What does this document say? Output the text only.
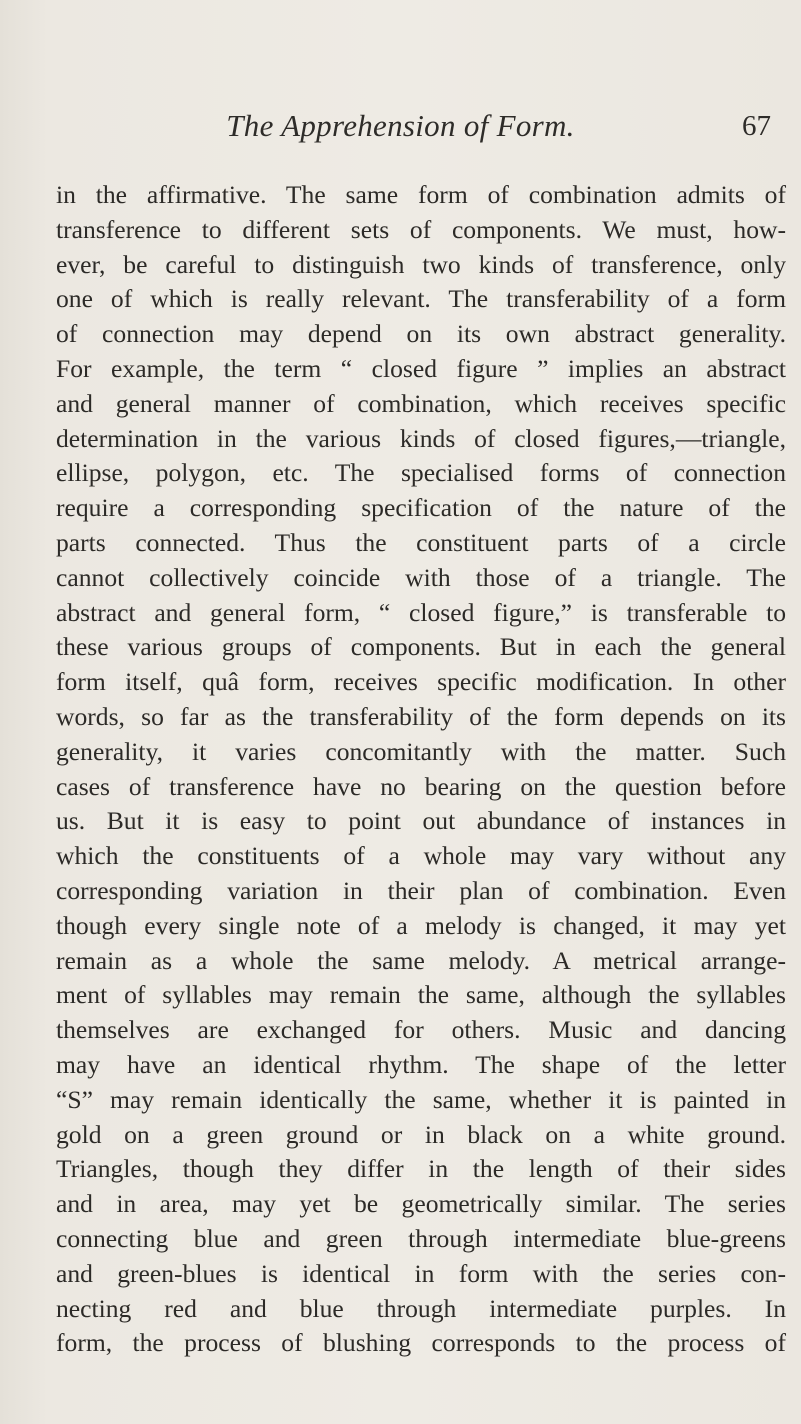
The Apprehension of Form.	67
in the affirmative. The same form of combination admits of
transference to different sets of components. We must, how-
ever, be careful to distinguish two kinds of transference, only
one of which is really relevant. The transferability of a form
of connection may depend on its own abstract generality.
For example, the term “ closed figure ” implies an abstract
and general manner of combination, which receives specific
determination in the various kinds of closed figures,—triangle,
ellipse, polygon, etc. The specialised forms of connection
require a corresponding specification of the nature of the
parts connected. Thus the constituent parts of a circle
cannot collectively coincide with those of a triangle. The
abstract and general form, “ closed figure,” is transferable to
these various groups of components. But in each the general
form itself, quâ form, receives specific modification. In other
words, so far as the transferability of the form depends on its
generality, it varies concomitantly with the matter. Such
cases of transference have no bearing on the question before
us. But it is easy to point out abundance of instances in
which the constituents of a whole may vary without any
corresponding variation in their plan of combination. Even
though every single note of a melody is changed, it may yet
remain as a whole the same melody. A metrical arrange-
ment of syllables may remain the same, although the syllables
themselves are exchanged for others. Music and dancing
may have an identical rhythm. The shape of the letter
“S” may remain identically the same, whether it is painted in
gold on a green ground or in black on a white ground.
Triangles, though they differ in the length of their sides
and in area, may yet be geometrically similar. The series
connecting blue and green through intermediate blue-greens
and green-blues is identical in form with the series con-
necting red and blue through intermediate purples. In
form, the process of blushing corresponds to the process of
